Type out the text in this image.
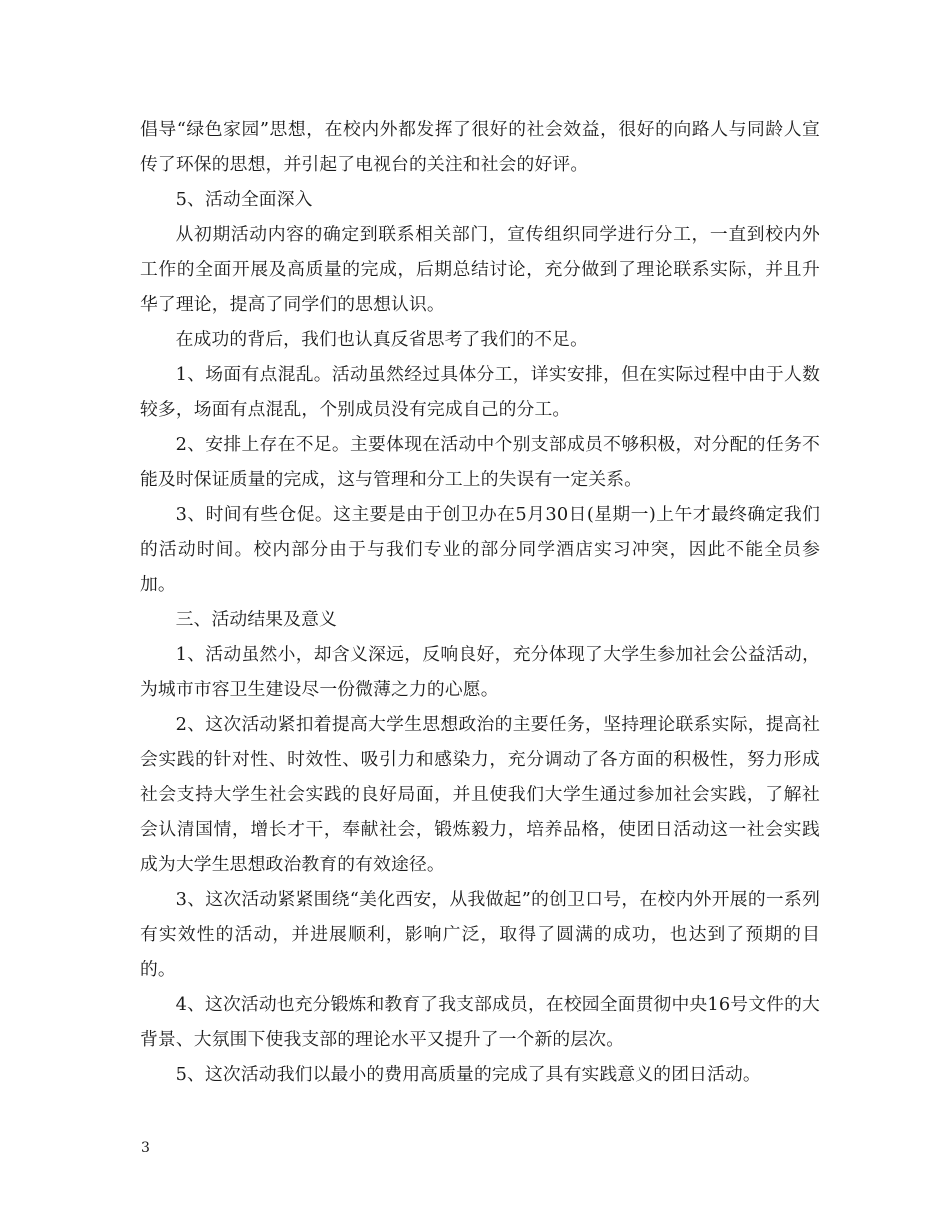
倡导“绿色家园”思想，在校内外都发挥了很好的社会效益，很好的向路人与同龄人宣传了环保的思想，并引起了电视台的关注和社会的好评。

5、活动全面深入

从初期活动内容的确定到联系相关部门，宣传组织同学进行分工，一直到校内外工作的全面开展及高质量的完成，后期总结讨论，充分做到了理论联系实际，并且升华了理论，提高了同学们的思想认识。

在成功的背后，我们也认真反省思考了我们的不足。

1、场面有点混乱。活动虽然经过具体分工，详实安排，但在实际过程中由于人数较多，场面有点混乱，个别成员没有完成自己的分工。

2、安排上存在不足。主要体现在活动中个别支部成员不够积极，对分配的任务不能及时保证质量的完成，这与管理和分工上的失误有一定关系。

3、时间有些仓促。这主要是由于创卫办在5月30日(星期一)上午才最终确定我们的活动时间。校内部分由于与我们专业的部分同学酒店实习冲突，因此不能全员参加。

三、活动结果及意义

1、活动虽然小，却含义深远，反响良好，充分体现了大学生参加社会公益活动，为城市市容卫生建设尽一份微薄之力的心愿。

2、这次活动紧扣着提高大学生思想政治的主要任务，坚持理论联系实际，提高社会实践的针对性、时效性、吸引力和感染力，充分调动了各方面的积极性，努力形成社会支持大学生社会实践的良好局面，并且使我们大学生通过参加社会实践，了解社会认清国情，增长才干，奉献社会，锻炼毅力，培养品格，使团日活动这一社会实践成为大学生思想政治教育的有效途径。

3、这次活动紧紧围绕“美化西安，从我做起”的创卫口号，在校内外开展的一系列有实效性的活动，并进展顺利，影响广泛，取得了圆满的成功，也达到了预期的目的。

4、这次活动也充分锻炼和教育了我支部成员，在校园全面贯彻中央16号文件的大背景、大氛围下使我支部的理论水平又提升了一个新的层次。

5、这次活动我们以最小的费用高质量的完成了具有实践意义的团日活动。

3
